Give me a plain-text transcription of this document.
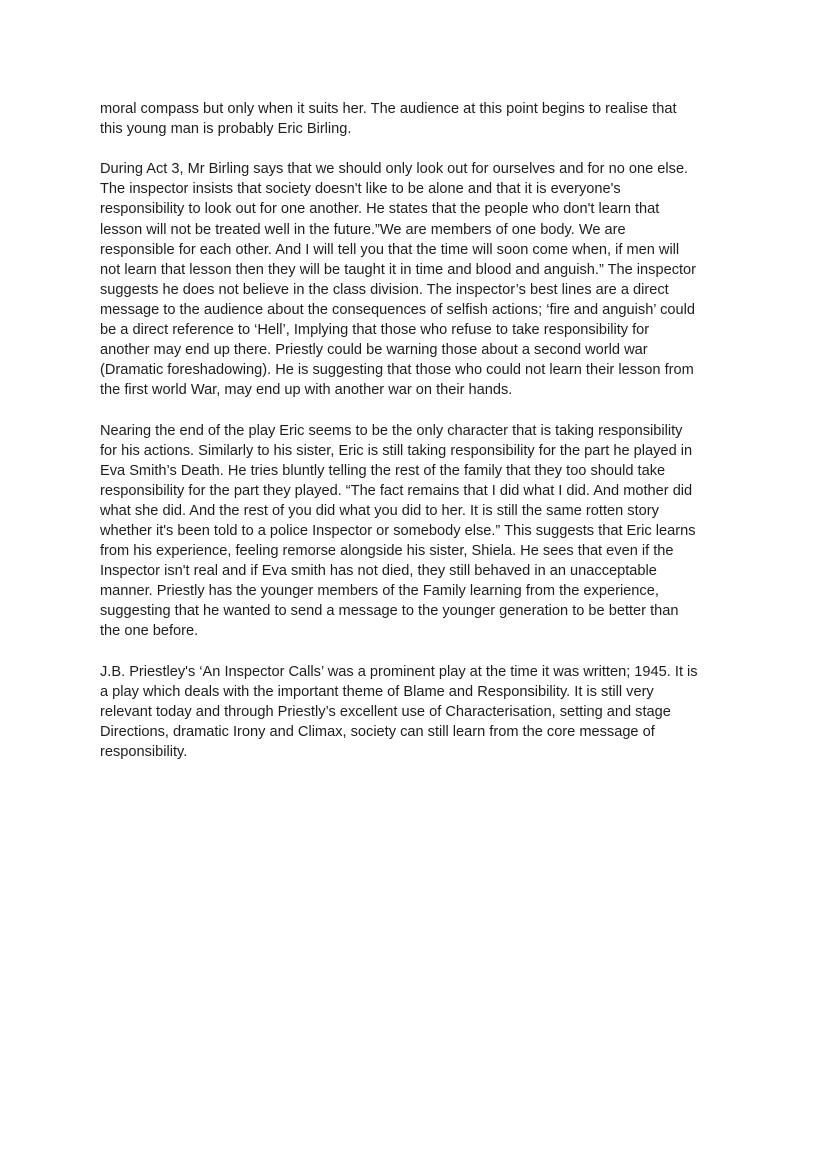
moral compass but only when it suits her. The audience at this point begins to realise that
this young man is probably Eric Birling.
During Act 3, Mr Birling says that we should only look out for ourselves and for no one else.
The inspector insists that society doesn't like to be alone and that it is everyone's
responsibility to look out for one another. He states that the people who don't learn that
lesson will not be treated well in the future.”We are members of one body. We are
responsible for each other. And I will tell you that the time will soon come when, if men will
not learn that lesson then they will be taught it in time and blood and anguish.” The inspector
suggests he does not believe in the class division. The inspector’s best lines are a direct
message to the audience about the consequences of selfish actions; ‘fire and anguish’ could
be a direct reference to ‘Hell’, Implying that those who refuse to take responsibility for
another may end up there. Priestly could be warning those about a second world war
(Dramatic foreshadowing). He is suggesting that those who could not learn their lesson from
the first world War, may end up with another war on their hands.
Nearing the end of the play Eric seems to be the only character that is taking responsibility
for his actions. Similarly to his sister, Eric is still taking responsibility for the part he played in
Eva Smith’s Death. He tries bluntly telling the rest of the family that they too should take
responsibility for the part they played. “The fact remains that I did what I did. And mother did
what she did. And the rest of you did what you did to her. It is still the same rotten story
whether it's been told to a police Inspector or somebody else.” This suggests that Eric learns
from his experience, feeling remorse alongside his sister, Shiela. He sees that even if the
Inspector isn't real and if Eva smith has not died, they still behaved in an unacceptable
manner. Priestly has the younger members of the Family learning from the experience,
suggesting that he wanted to send a message to the younger generation to be better than
the one before.
J.B. Priestley's ‘An Inspector Calls’ was a prominent play at the time it was written; 1945. It is
a play which deals with the important theme of Blame and Responsibility. It is still very
relevant today and through Priestly’s excellent use of Characterisation, setting and stage
Directions, dramatic Irony and Climax, society can still learn from the core message of
responsibility.
